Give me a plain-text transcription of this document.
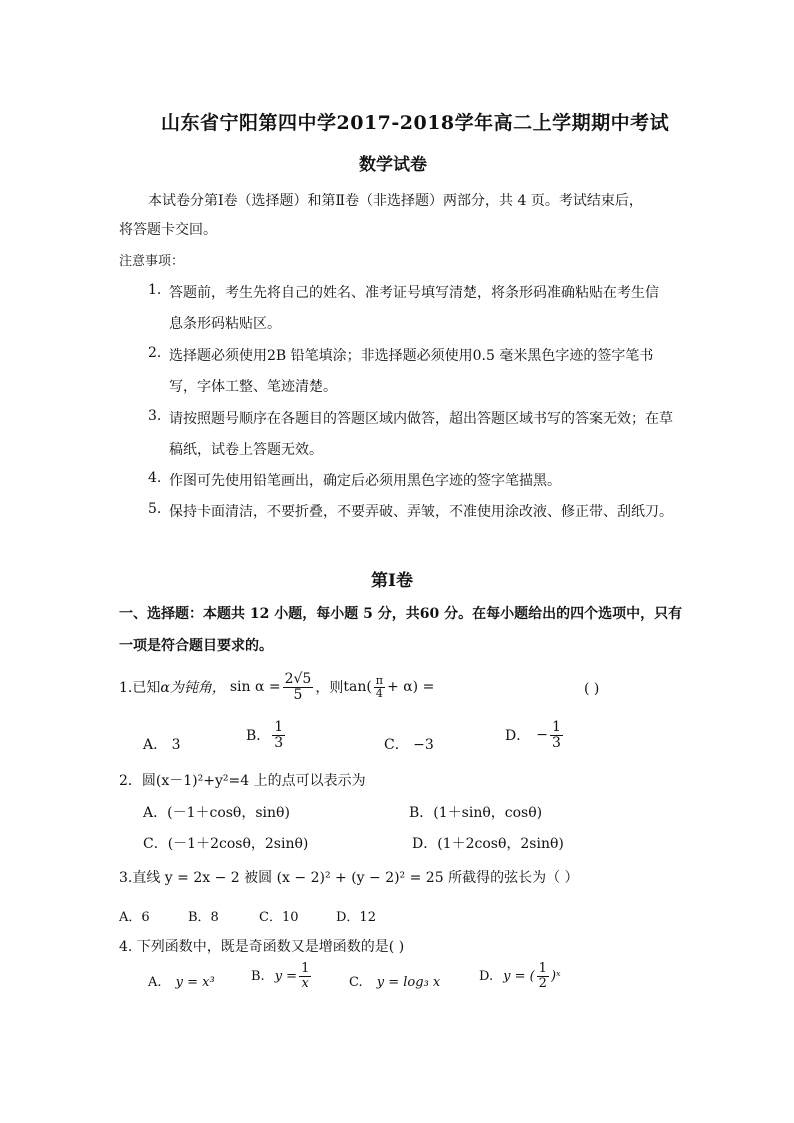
山东省宁阳第四中学2017-2018学年高二上学期期中考试
数学试卷
本试卷分第Ⅰ卷（选择题）和第Ⅱ卷（非选择题）两部分，共 4 页。考试结束后，
将答题卡交回。
注意事项：
1. 答题前，考生先将自己的姓名、准考证号填写清楚，将条形码准确粘贴在考生信
息条形码粘贴区。
2. 选择题必须使用2B 铅笔填涂；非选择题必须使用0.5 毫米黑色字迹的签字笔书
写，字体工整、笔迹清楚。
3. 请按照题号顺序在各题目的答题区域内做答，超出答题区域书写的答案无效；在草
稿纸，试卷上答题无效。
4. 作图可先使用铅笔画出，确定后必须用黑色字迹的签字笔描黑。
5. 保持卡面清洁，不要折叠，不要弄破、弄皱，不准使用涂改液、修正带、刮纸刀。
第Ⅰ卷
一、选择题：本题共 12 小题，每小题 5 分，共60 分。在每小题给出的四个选项中，只有
一项是符合题目要求的。
1.已知 α为钝角， $\sin \alpha = \frac{2√5}{5}$ ，则 $\tan( \frac{\pi}{4} + \alpha)$ =	( )
A． 3
B． $\frac{1}{3}$	C． −3
D． − $\frac{1}{3}$
2．圆(x－1)²+y²=4 上的点可以表示为
A．(－1＋cosθ，sinθ)	B．(1＋sinθ，cosθ)
C．(－1＋2cosθ，2sinθ)	D．(1＋2cosθ，2sinθ)
3.直线 y = 2x − 2 被圆 (x − 2)² + (y − 2)² = 25 所截得的弦长为（ ）
A．6	B．8	C．10	D．12
4. 下列函数中，既是奇函数又是增函数的是( )
A. y = x³	B. $y = \frac{1}{x}$	C. y = log₃ x	D. y = ( $\frac{1}{2}$ )ˣ
